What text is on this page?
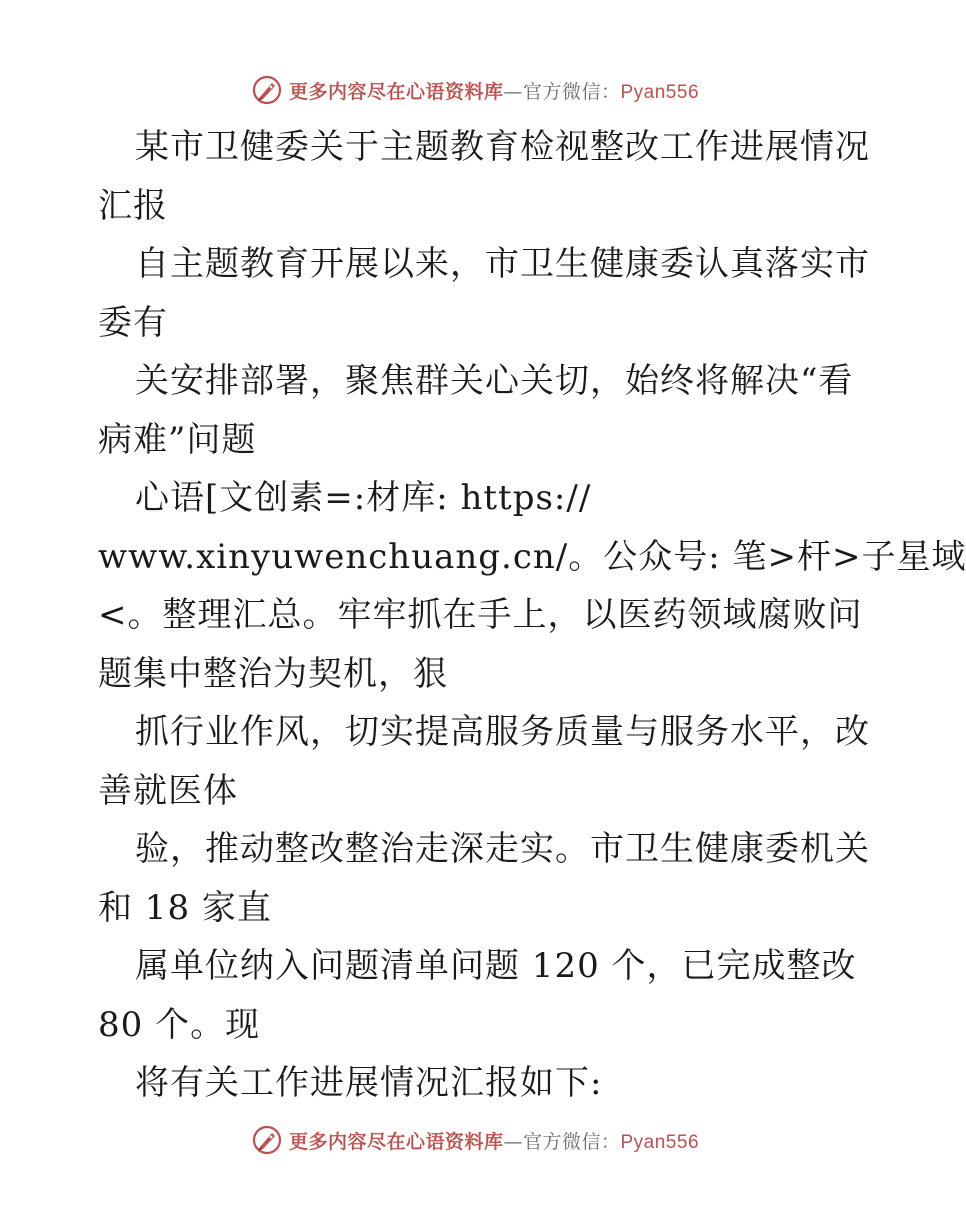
更多内容尽在心语资料库—官方微信：Pyan556
某市卫健委关于主题教育检视整改工作进展情况
汇报
自主题教育开展以来，市卫生健康委认真落实市
委有
关安排部署，聚焦群关心关切，始终将解决“看
病难”问题
心语[文创素=:材库: https://
www.xinyuwenchuang.cn/。公众号: 笔>杆>子星域
<。整理汇总。牢牢抓在手上，以医药领域腐败问
题集中整治为契机，狠
抓行业作风，切实提高服务质量与服务水平，改
善就医体
验，推动整改整治走深走实。市卫生健康委机关
和 18 家直
属单位纳入问题清单问题 120 个，已完成整改
80 个。现
将有关工作进展情况汇报如下:
更多内容尽在心语资料库—官方微信：Pyan556
